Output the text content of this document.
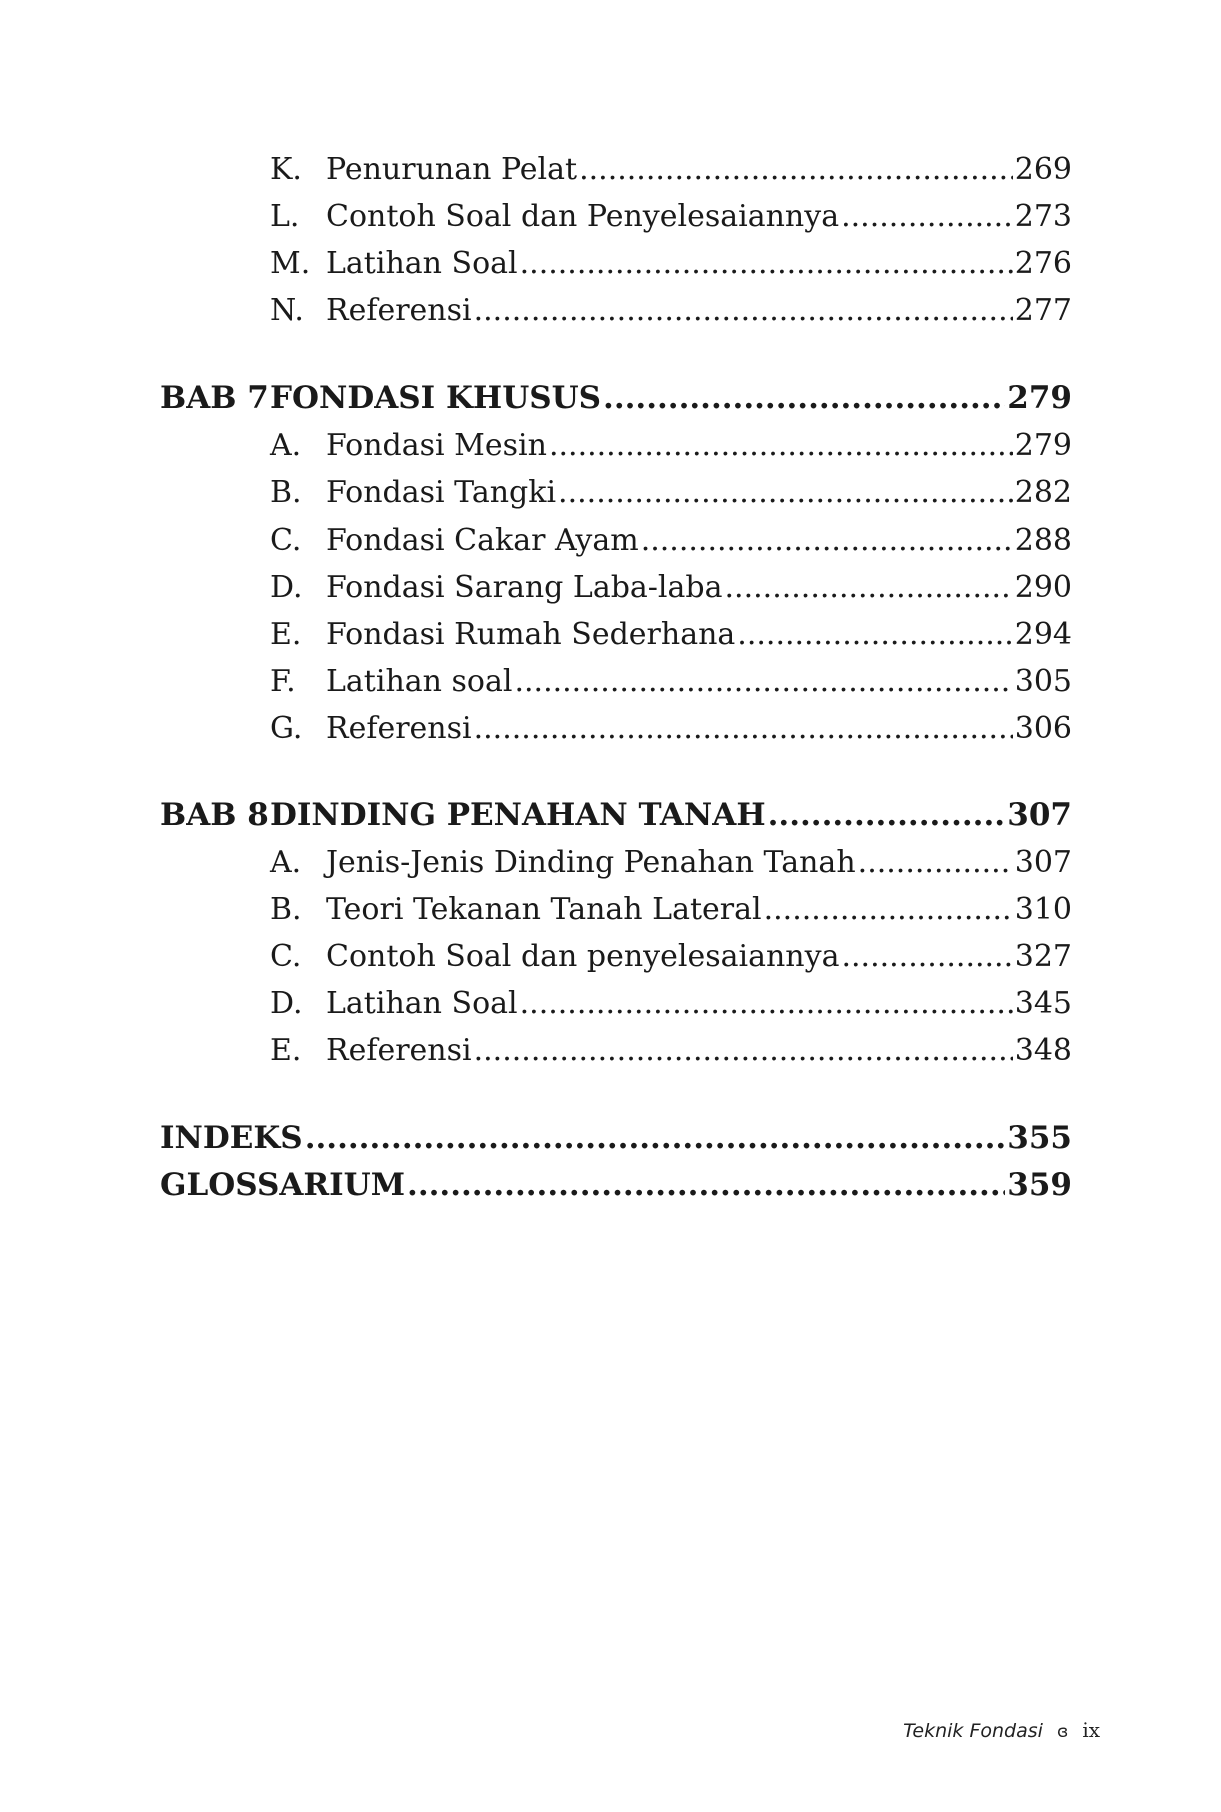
K. Penurunan Pelat .....	269
L. Contoh Soal dan Penyelesaiannya .....	273
M. Latihan Soal .....	276
N. Referensi .....	277
BAB 7 FONDASI KHUSUS .....	279
A. Fondasi Mesin .....	279
B. Fondasi Tangki .....	282
C. Fondasi Cakar Ayam .....	288
D. Fondasi Sarang Laba-laba .....	290
E. Fondasi Rumah Sederhana .....	294
F.	Latihan soal .....	305
G. Referensi .....	306
BAB 8 DINDING PENAHAN TANAH .....	307
A. Jenis-Jenis Dinding Penahan Tanah .....	307
B. Teori Tekanan Tanah Lateral .....	310
C. Contoh Soal dan penyelesaiannya .....	327
D. Latihan Soal .....	345
E. Referensi .....	348
INDEKS .....	355
GLOSSARIUM .....	359
Teknik Fondasi ɞ ix
